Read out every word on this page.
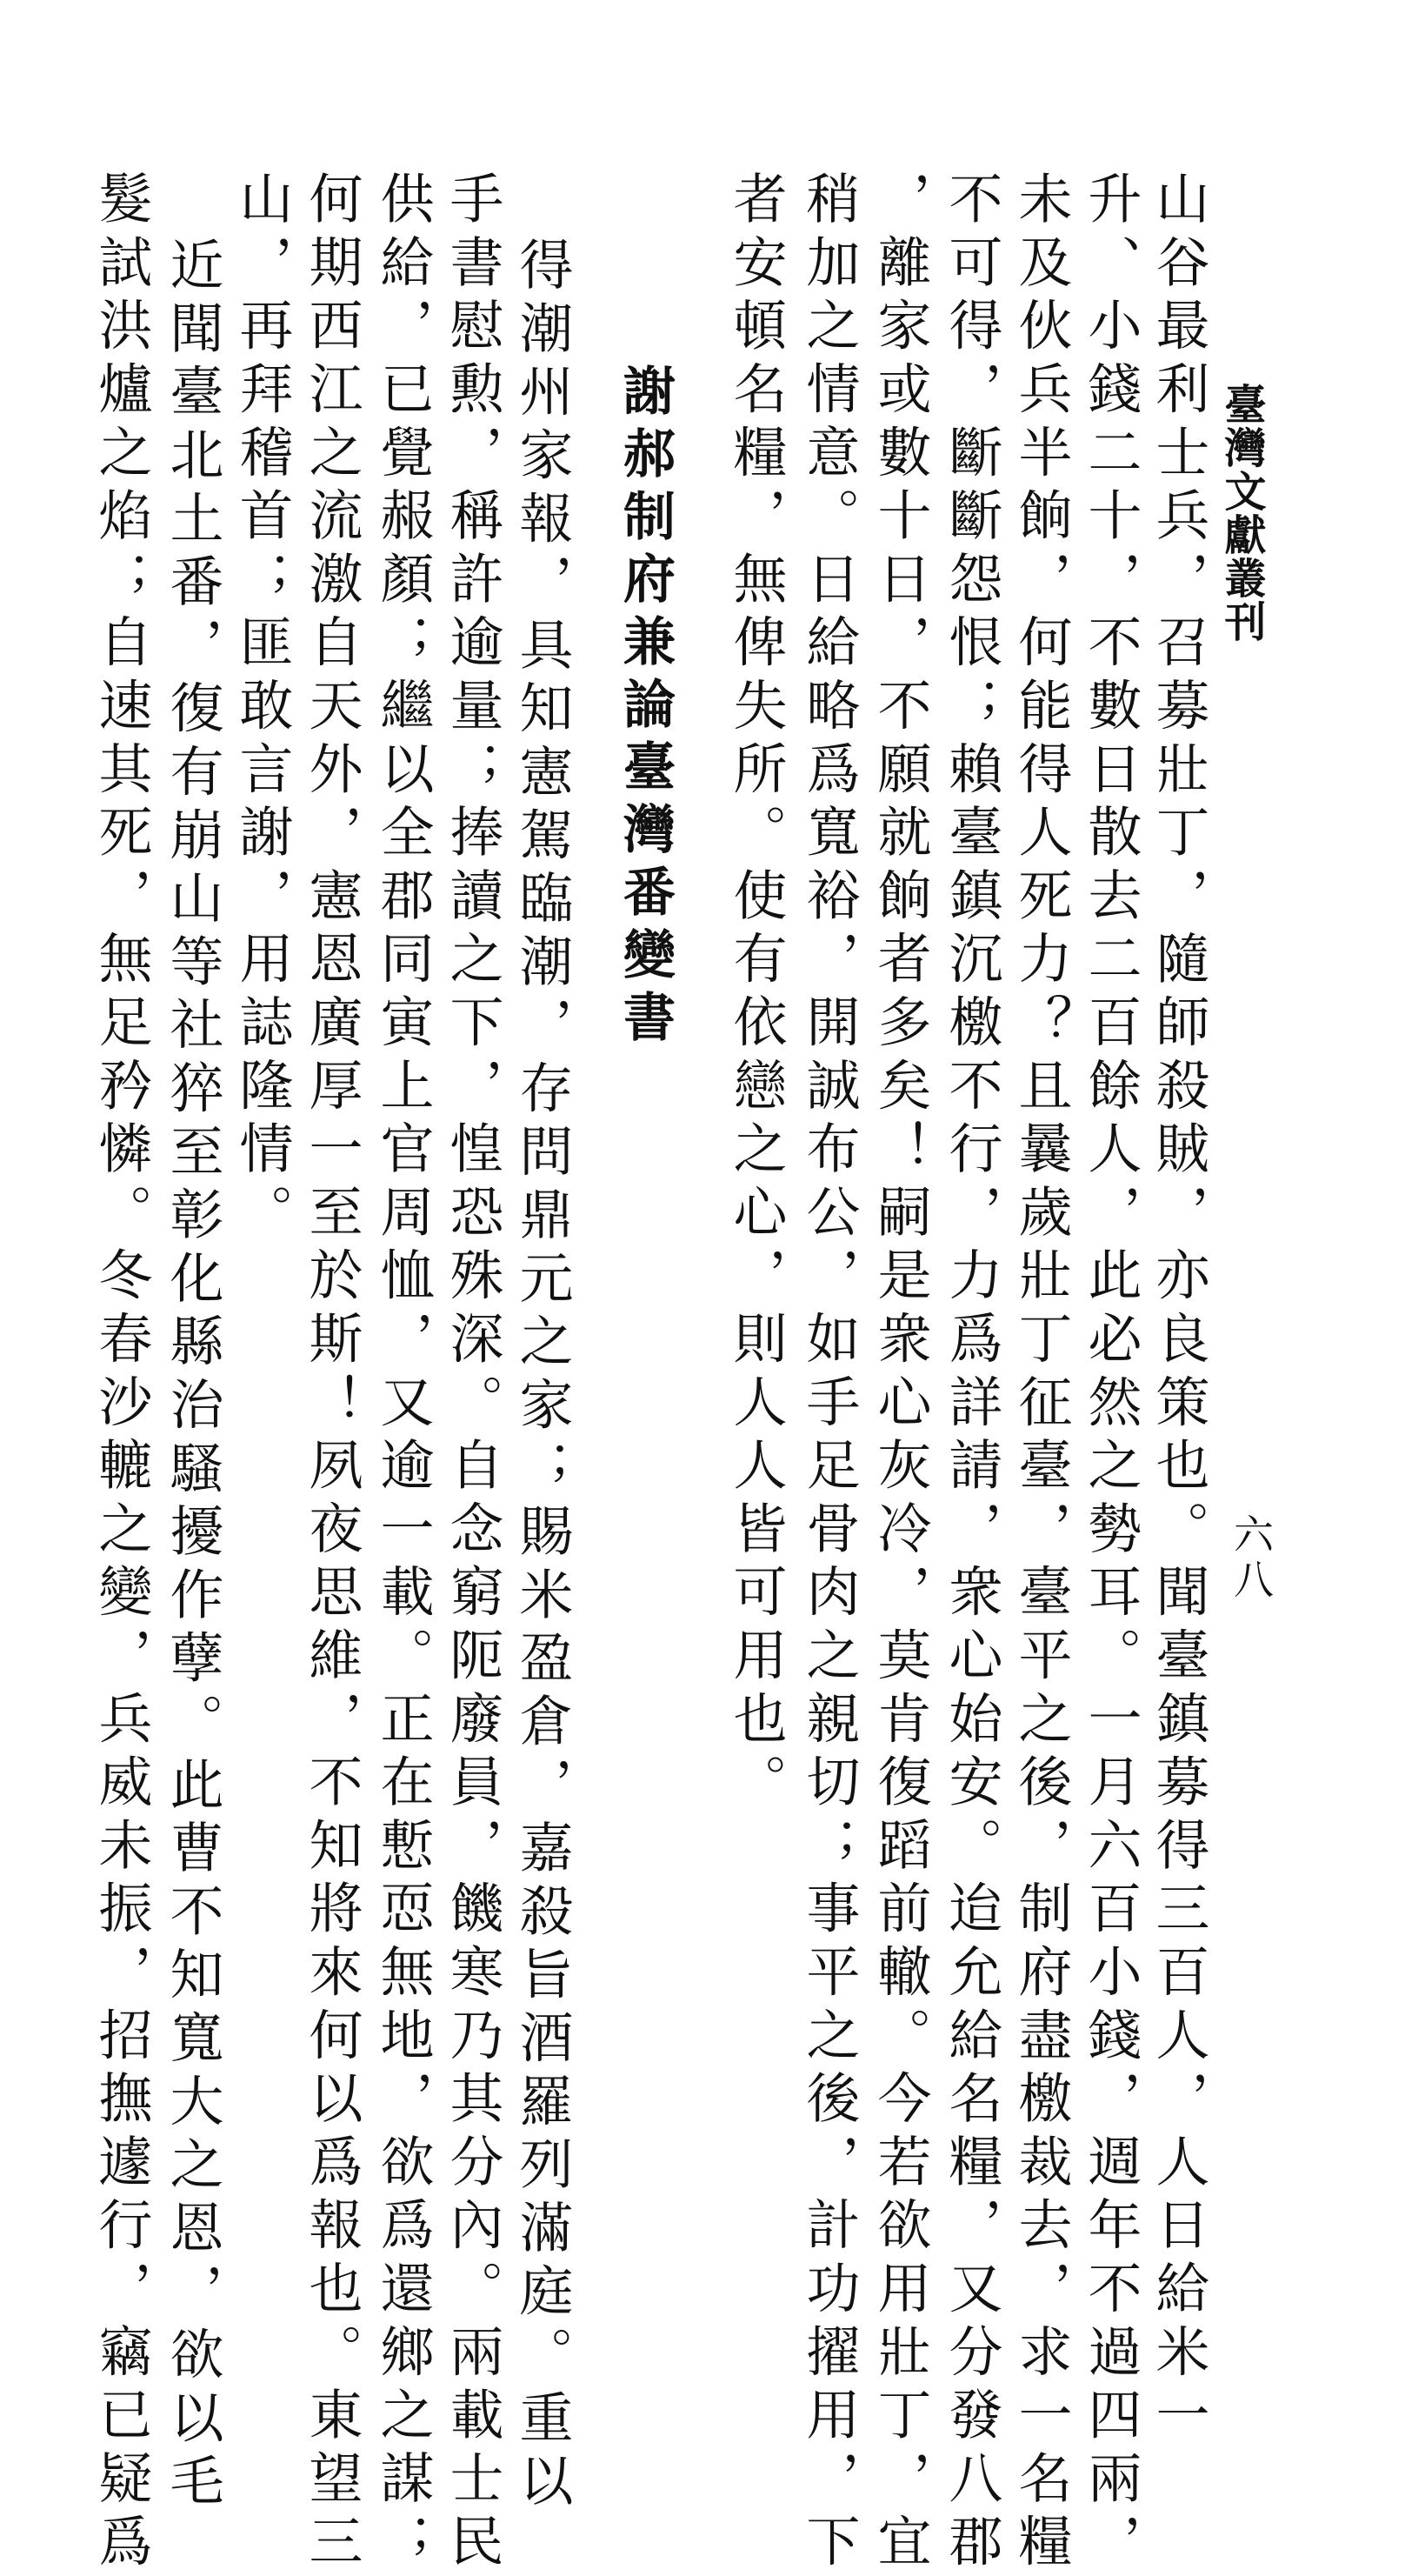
臺灣文獻叢刊
六八
山谷最利士兵，召募壯丁，隨師殺賊，亦良策也。聞臺鎮募得三百人，人日給米一
升、小錢二十，不數日散去二百餘人，此必然之勢耳。一月六百小錢，週年不過四兩，
未及伙兵半餉，何能得人死力？且曩歲壯丁征臺，臺平之後，制府盡檄裁去，求一名糧
不可得，斷斷怨恨；賴臺鎮沉檄不行，力爲詳請，衆心始安。迨允給名糧，又分發八郡
，離家或數十日，不願就餉者多矣！嗣是衆心灰冷，莫肯復蹈前轍。今若欲用壯丁，宜
稍加之情意。日給略爲寬裕，開誠布公，如手足骨肉之親切；事平之後，計功擢用，下
者安頓名糧，無俾失所。使有依戀之心，則人人皆可用也。
謝郝制府兼論臺灣番變書
得潮州家報，具知憲駕臨潮，存問鼎元之家；賜米盈倉，嘉殺旨酒羅列滿庭。重以
手書慰勲，稱許逾量；捧讀之下，惶恐殊深。自念窮阨廢員，饑寒乃其分內。兩載士民
供給，已覺赧顏；繼以全郡同寅上官周恤，又逾一載。正在慙恧無地，欲爲還鄉之謀；
何期西江之流激自天外，憲恩廣厚一至於斯！夙夜思維，不知將來何以爲報也。東望三
山，再拜稽首；匪敢言謝，用誌隆情。
近聞臺北土番，復有崩山等社猝至彰化縣治騷擾作孽。此曹不知寬大之恩，欲以毛
髮試洪爐之焰；自速其死，無足矜憐。冬春沙轆之變，兵威未振，招撫遽行，竊已疑爲
